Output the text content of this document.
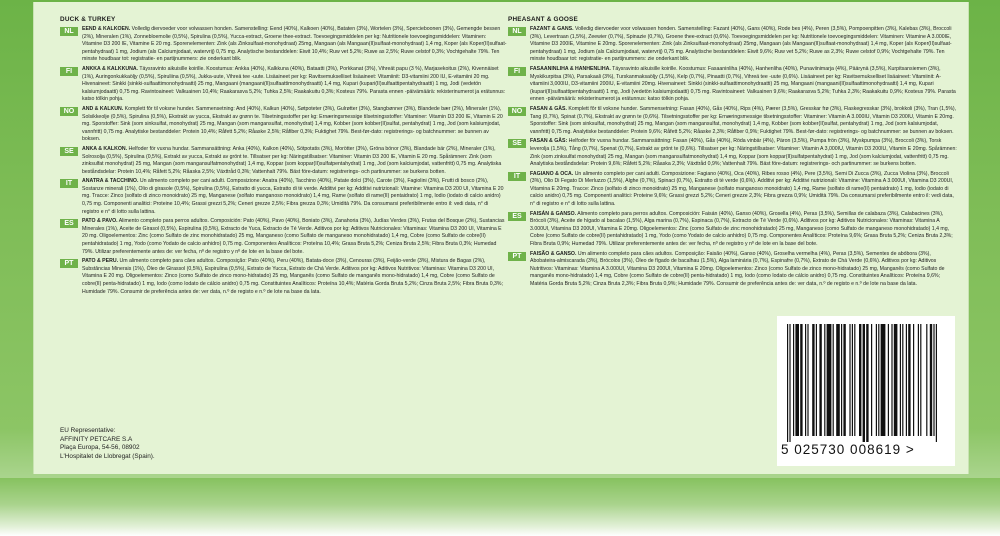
DUCK & TURKEY
NL	EEND & KALKOEN. Volledig diervoeder voor volwassen honden. Samenstelling: Eend (40%), Kalkoen (40%), Bataten (3%), Wortelen (3%), Spercieboonen (3%), Gemengde bessen (2%), Mineralen (1%), Zonnebloemolie (0,5%), Spirulina (0,5%), Yucca-extract, Groene thee-extract. Toevoegingsmiddelen per kg: Nutritionele toevoegingsmiddelen: Vitaminen: Vitamine D3 200 IE, Vitamine E 20 mg. Sporenelementen: Zink (als Zinksulfaat-monohydraat) 25mg, Mangaan (als Mangaan(II)sulfaat-monohydraat) 1,4 mg, Koper (als Koper(II)sulfaat-pentahydraat) 1 mg, Jodium (als Calciumjodaat, watervrij) 0,75 mg. Analytische bestanddelen: Eiwit 10,4%; Ruw vet 5,2%; Ruwe as 2,5%; Ruwe celstof 0,3%; Vochtgehalte 79%. Ten minste houdbaar tot: registratie- en partijnummers: zie onderkant blik.
FI	ANKKA & KALKKUNA. Täysravinto aikuisille koirille. Koostumus: Ankka (40%), Kalkkuna (40%), Bataatti (3%), Porkkanat (3%), Vihreät papu (3 %), Marjasekoitus (2%), Kivennäiset (1%), Auringonkukkaöljy (0,5%), Spiruliina (0,5%), Jukka-uute, Vihreä tee -uute. Lisäaineet per kg: Ravitsemukselliset lisäaineet: Vitamiinit: D3-vitamiini 200 IU, E-vitamiini 20 mg. Hivenaineet: Sinkki (sinkki-sulfaattimonohydraatti) 25 mg, Mangaani (mangaani(II)sulfaattimonohydraatti) 1,4 mg, Kupari (kupari(II)sulfaattipentahydraatti) 1 mg, Jodi (vedetön kalsiumjodaatti) 0,75 mg. Ravintoaineet: Valkuainen 10,4%; Raakarasva 5,2%; Tuhka 2,5%; Raakakuitu 0,3%; Kosteus 79%. Parasta ennen -päivämäärä: rekisterinumerot ja erätunnus: katso tölkin pohja.
NO	AND & KALKUN. Komplett fôr til voksne hunder. Sammensetning: And (40%), Kalkun (40%), Søtpoteter (3%), Gulrøtter (3%), Stangbønner (3%), Blandede bær (2%), Mineraler (1%), Solsikkeolje (0,5%), Spirulina (0,5%), Ekstrakt av yucca, Ekstrakt av grønn te. Tilsetningsstoffer per kg: Ernæringsmessige tilsetningsstoffer: Vitaminer: Vitamin D3 200 IE, Vitamin E 20 mg. Sporstoffer: Sink (som sinksulfat, monohydrat) 25 mg, Mangan (som mangansulfat, monohydrat) 1,4 mg, Kobber (som kobber(II)sulfat, pentahydrat) 1 mg, Jod (som kalsiumjodat, vannfritt) 0,75 mg. Analytiske bestanddeler: Protein 10,4%; Råfett 5,2%; Råaske 2,5%; Råfiber 0,3%; Fuktighet 79%. Best-før-dato: registrerings- og batchnummer: se bunnen av boksen.
SE	ANKA & KALKON. Helfoder för vuxna hundar. Sammansättning: Anka (40%), Kalkon (40%), Sötpotatis (3%), Morötter (3%), Gröna bönor (3%), Blandade bär (2%), Mineraler (1%), Solrosolja (0,5%), Spirulina (0,5%), Extrakt av yucca, Extrakt av grönt te. Tillsatser per kg: Näringstillsatser: Vitaminer: Vitamin D3 200 IE, Vitamin E 20 mg. Spårämnen: Zink (som zinksulfat monohydrat) 25 mg, Mangan (som mangansulfatmonohydrat) 1,4 mg, Koppar (som koppar(II)sulfatpentahydrat) 1 mg, Jod (som kalciumjodat, vattenfritt) 0,75 mg. Analytiska beståndsdelar: Protein 10,4%; Råfett 5,2%; Råaska 2,5%; Växttråd 0,3%; Vattenhalt 79%. Bäst före-datum: registrerings- och partinummer: se burkens botten.
IT	ANATRA & TACCHINO. Un alimento completo per cani adulti. Composizione: Anatra (40%), Tacchino (40%), Patate dolci (3%), Carote (3%), Fagiolini (3%), Frutti di bosco (2%), Sostanze minerali (1%), Olio di girasole (0,5%), Spirulina (0,5%), Estratto di yucca, Estratto di tè verde. Additivi per kg: Additivi nutrizionali: Vitamine: Vitamina D3 200 UI, Vitamina E 20 mg. Tracce: Zinco (solfato di zinco monoidrato) 25 mg, Manganese (solfato manganoso monoidrato) 1,4 mg, Rame (solfato di rame(II) pentaidrato) 1 mg, Iodio (iodato di calcio anidro) 0,75 mg. Componenti analitici: Proteine 10,4%; Grassi grezzi 5,2%; Ceneri grezze 2,5%; Fibra grezza 0,3%; Umidità 79%. Da consumarsi preferibilmente entro il: vedi data, n° di registro e n° di lotto sulla lattina.
ES	PATO & PAVO. Alimento completo para perros adultos. Composición: Pato (40%), Pavo (40%), Boniato (3%), Zanahoria (3%), Judías Verdes (3%), Frutas del Bosque (2%), Sustancias Minerales (1%), Aceite de Girasol (0,5%), Espirulina (0,5%), Extracto de Yuca, Extracto de Té Verde. Aditivos por kg: Aditivos Nutricionales: Vitaminas: Vitamina D3 200 UI, Vitamina E 20 mg. Oligoelementos: Zinc (como Sulfato de zinc monohidratado) 25 mg, Manganeso (como Sulfato de manganeso monohidratado) 1,4 mg, Cobre (como Sulfato de cobre(II) pentahidratado) 1 mg, Yodo (como Yodato de calcio anhidro) 0,75 mg. Componentes Analíticos: Proteína 10,4%; Grasa Bruta 5,2%; Ceniza Bruta 2,5%; Fibra Bruta 0,3%; Humedad 79%. Utilizar preferentemente antes de: ver fecha, nº de registro y nº de lote en la base del bote.
PT	PATO & PERU. Um alimento completo para cães adultos. Composição: Pato (40%), Peru (40%), Batata-doce (3%), Cenouras (3%), Feijão-verde (3%), Mistura de Bagas (2%), Substâncias Minerais (1%), Óleo de Girassol (0,5%), Espirulina (0,5%), Extrato de Yucca, Extrato de Chá Verde. Aditivos por kg: Aditivos Nutritivos: Vitaminas: Vitamina D3 200 UI, Vitamina E 20 mg. Oligoelementos: Zinco (como Sulfato de zinco mono-hidratado) 25 mg, Manganês (como Sulfato de manganês mono-hidratado) 1,4 mg, Cobre (como Sulfato de cobre(II) penta-hidratado) 1 mg, Iodo (como Iodato de cálcio anidro) 0,75 mg. Constituintes Analíticos: Proteína 10,4%; Matéria Gorda Bruta 5,2%; Cinza Bruta 2,5%; Fibra Bruta 0,3%; Humidade 79%. Consumir de preferência antes de: ver data, n.º de registo e n.º de lote na base da lata.
PHEASANT & GOOSE
NL	FAZANT & GANS. Volledig diervoeder voor volwassen honden. Samenstelling: Fazant (40%), Gans (40%), Rode bes (4%), Peren (3,5%), Pompoenpitten (3%), Kalebas (3%), Broccoli (3%), Levertraan (1,5%), Zeewier (0,7%), Spinazie (0,7%), Groene thee-extract (0,6%). Toevoegingsmiddelen per kg: Nutritionele toevoegingsmiddelen: Vitaminen: Vitamine A 3.000IE, Vitamine D3 200IE, Vitamine E 20mg. Sporenelementen: Zink (als Zinksulfaat-monohydraat) 25mg, Mangaan (als Mangaan(II)sulfaat-monohydraat) 1,4 mg, Koper (als Koper(II)sulfaat-pentahydraat) 1 mg, Jodium (als Calciumjodaat, watervrij) 0,75 mg. Analytische bestanddelen: Eiwit 9,6%; Ruw vet 5,2%; Ruwe as 2,3%; Ruwe celstof 0,9%; Vochtgehalte 79%. Ten minste houdbaar tot: registratie- en partijnummers: zie onderkant blik.
FI	FASAANINLIHA & HANHENLIHA. Täysravinto aikuisille koirille. Koostumus: Fasaaninliha (40%), Hanhenliha (40%), Punaviinimarja (4%), Päärynä (3,5%), Kurpitsansiemen (3%), Myskikurpitsa (3%), Parsakaali (3%), Turskanmaksaöljy (1,5%), Kelp (0,7%), Pinaatti (0,7%), Vihreä tee -uute (0,6%). Lisäaineet per kg: Ravitsemukselliset lisäaineet: Vitamiinit: A-vitamiini 3,000IU, D3-vitamiini 200IU, E-vitamiini 20mg. Hivenaineet: Sinkki (sinkki-sulfaattimonohydraatti) 25 mg, Mangaani (mangaani(II)sulfaattimonohydraatti) 1,4 mg, Kupari (kupari(II)sulfaattipentahydraatti) 1 mg, Jodi (vedetön kalsiumjodaatti) 0,75 mg. Ravintoaineet: Valkuainen 9,6%; Raakarasva 5,2%; Tuhka 2,3%; Raakakuitu 0,9%; Kosteus 79%. Parasta ennen -päivämäärä: rekisterinumerot ja erätunnus: katso tölkin pohja.
NO	FASAN & GÅS. Komplett fôr til voksne hunder. Sammensetning: Fasan (40%), Gås (40%), Rips (4%), Pærer (3,5%), Gresskar frø (3%), Flaskegresskar (3%), brokkoli (3%), Tran (1,5%), Tang (0,7%), Spinat (0,7%), Ekstrakt av grønn te (0,6%). Tilsetningsstoffer per kg: Ernæringsmessige tilsetningsstoffer: Vitaminer: Vitamin A 3.000IU, Vitamin D3 200IU, Vitamin E 20mg. Sporstoffer: Sink (som sinksulfat, monohydrat) 25 mg, Mangan (som mangansulfat, monohydrat) 1,4 mg, Kobber (som kobber(II)sulfat, pentahydrat) 1 mg, Jod (som kalsiumjodat, vannfritt) 0,75 mg. Analytiske bestanddeler: Protein 9,6%; Råfett 5,2%; Råaske 2,3%; Råfiber 0,9%; Fuktighet 79%. Best-før-dato: registrerings- og batchnummer: se bunnen av boksen.
SE	FASAN & GÅS: Helfoder för vuxna hundar. Sammansättning: Fasan (40%), Gås (40%), Röda vinbär (4%), Päron (3,5%), Pumpa frön (3%), Myskpumpa (3%), Broccoli (3%), Torsk leverolja (1,5%), Tång (0,7%), Spenat (0,7%), Extrakt av grönt te (0,6%). Tillsatser per kg: Näringstillsatser: Vitaminer: Vitamin A 3,000IU, Vitamin D3 200IU, Vitamin E 20mg. Spårämnen: Zink (som zinksulfat monohydrat) 25 mg, Mangan (som mangansulfatmonohydrat) 1,4 mg, Koppar (som koppar(II)sulfatpentahydrat) 1 mg, Jod (som kalciumjodat, vattenfritt) 0,75 mg. Analytiska beståndsdelar: Protein 9,6%; Råfett 5,2%; Råaska 2,3%; Växttråd 0,9%; Vattenhalt 79%. Bäst före-datum: registrerings- och partinummer: se burkens botten.
IT	FAGIANO & OCA. Un alimento completo per cani adulti. Composizione: Fagiano (40%), Oca (40%), Ribes rosso (4%), Pere (3,5%), Semi Di Zucca (3%), Zucca Violina (3%), Broccoli (3%), Olio Di Fegato Di Merluzzo (1,5%), Alghe (0,7%), Spinaci (0,7%), Estratto di tè verde (0,6%). Additivi per kg: Additivi nutrizionali: Vitamine: Vitamina A 3.000UI, Vitamina D3 200UI, Vitamina E 20mg. Tracce: Zinco (solfato di zinco monoidrato) 25 mg, Manganese (solfato manganoso monoidrato) 1,4 mg, Rame (solfato di rame(II) pentaidrato) 1 mg, Iodio (iodato di calcio anidro) 0,75 mg. Componenti analitici: Proteine 9,6%; Grassi grezzi 5,2%; Ceneri grezze 2,3%; Fibra grezza 0,9%; Umidità 79%. Da consumarsi preferibilmente entro il: vedi data, n° di registro e n° di lotto sulla lattina.
ES	FAISÁN & GANSO. Alimento completo para perros adultos. Composición: Faisán (40%), Ganso (40%), Grosella (4%), Peras (3,5%), Semillas de calabaza (3%), Calabacines (3%), Brócoli (3%), Aceite de hígado al bacalao (1,5%), Alga marina (0,7%), Espinaca (0,7%), Extracto de Té Verde (0,6%). Aditivos por kg: Aditivos Nutricionales: Vitaminas: Vitamina A 3.000UI, Vitamina D3 200UI, Vitamina E 20mg. Oligoelementos: Zinc (como Sulfato de zinc monohidratado) 25 mg, Manganeso (como Sulfato de manganeso monohidratado) 1,4 mg, Cobre (como Sulfato de cobre(II) pentahidratado) 1 mg, Yodo (como Yodato de calcio anhidro) 0,75 mg. Componentes Analíticos: Proteína 9,6%; Grasa Bruta 5,2%; Ceniza Bruta 2,3%; Fibra Bruta 0,9%; Humedad 79%. Utilizar preferentemente antes de: ver fecha, nº de registro y nº de lote en la base del bote.
PT	FAISÃO & GANSO. Um alimento completo para cães adultos. Composição: Faisão (40%), Ganso (40%), Groselha vermelha (4%), Peras (3,5%), Sementes de abóbora (3%), Abobateira-almiscarada (3%), Brócolos (3%), Óleo de fígado de bacalhau (1,5%), Alga laminária (0,7%), Espinafre (0,7%), Extrato de Chá Verde (0,6%). Aditivos por kg: Aditivos Nutritivos: Vitaminas: Vitamina A 3.000UI, Vitamina D3 200UI, Vitamina E 20mg. Oligoelementos: Zinco (como Sulfato de zinco mono-hidratado) 25 mg, Manganês (como Sulfato de manganês mono-hidratado) 1,4 mg, Cobre (como Sulfato de cobre(II) penta-hidratado) 1 mg, Iodo (como Iodato de cálcio anidro) 0,75 mg. Constituintes Analíticos: Proteína 9,6%; Matéria Gorda Bruta 5,2%; Cinza Bruta 2,3%; Fibra Bruta 0,9%; Humidade 79%. Consumir de preferência antes de: ver data, n.º de registo e n.º de lote na base da lata.
EU Representative:
AFFINITY PETCARE S.A
Plaça Europa, 54-56, 08902
L'Hospitalet de Llobregat (Spain).	5 025730 008619 >
